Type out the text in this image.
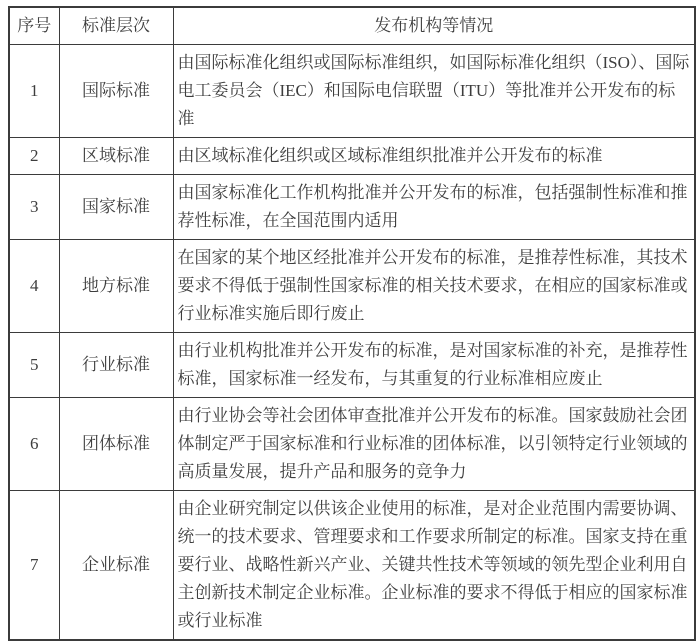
序号	标准层次	发布机构等情况
1	国际标准	由国际标准化组织或国际标准组织，如国际标准化组织（ISO）、国际电工委员会（IEC）和国际电信联盟（ITU）等批准并公开发布的标准
2	区域标准	由区域标准化组织或区域标准组织批准并公开发布的标准
3	国家标准	由国家标准化工作机构批准并公开发布的标准，包括强制性标准和推荐性标准，在全国范围内适用
4	地方标准	在国家的某个地区经批准并公开发布的标准，是推荐性标准，其技术要求不得低于强制性国家标准的相关技术要求，在相应的国家标准或行业标准实施后即行废止
5	行业标准	由行业机构批准并公开发布的标准，是对国家标准的补充，是推荐性标准，国家标准一经发布，与其重复的行业标准相应废止
6	团体标准	由行业协会等社会团体审查批准并公开发布的标准。国家鼓励社会团体制定严于国家标准和行业标准的团体标准，以引领特定行业领域的高质量发展，提升产品和服务的竞争力
7	企业标准	由企业研究制定以供该企业使用的标准，是对企业范围内需要协调、统一的技术要求、管理要求和工作要求所制定的标准。国家支持在重要行业、战略性新兴产业、关键共性技术等领域的领先型企业利用自主创新技术制定企业标准。企业标准的要求不得低于相应的国家标准或行业标准
